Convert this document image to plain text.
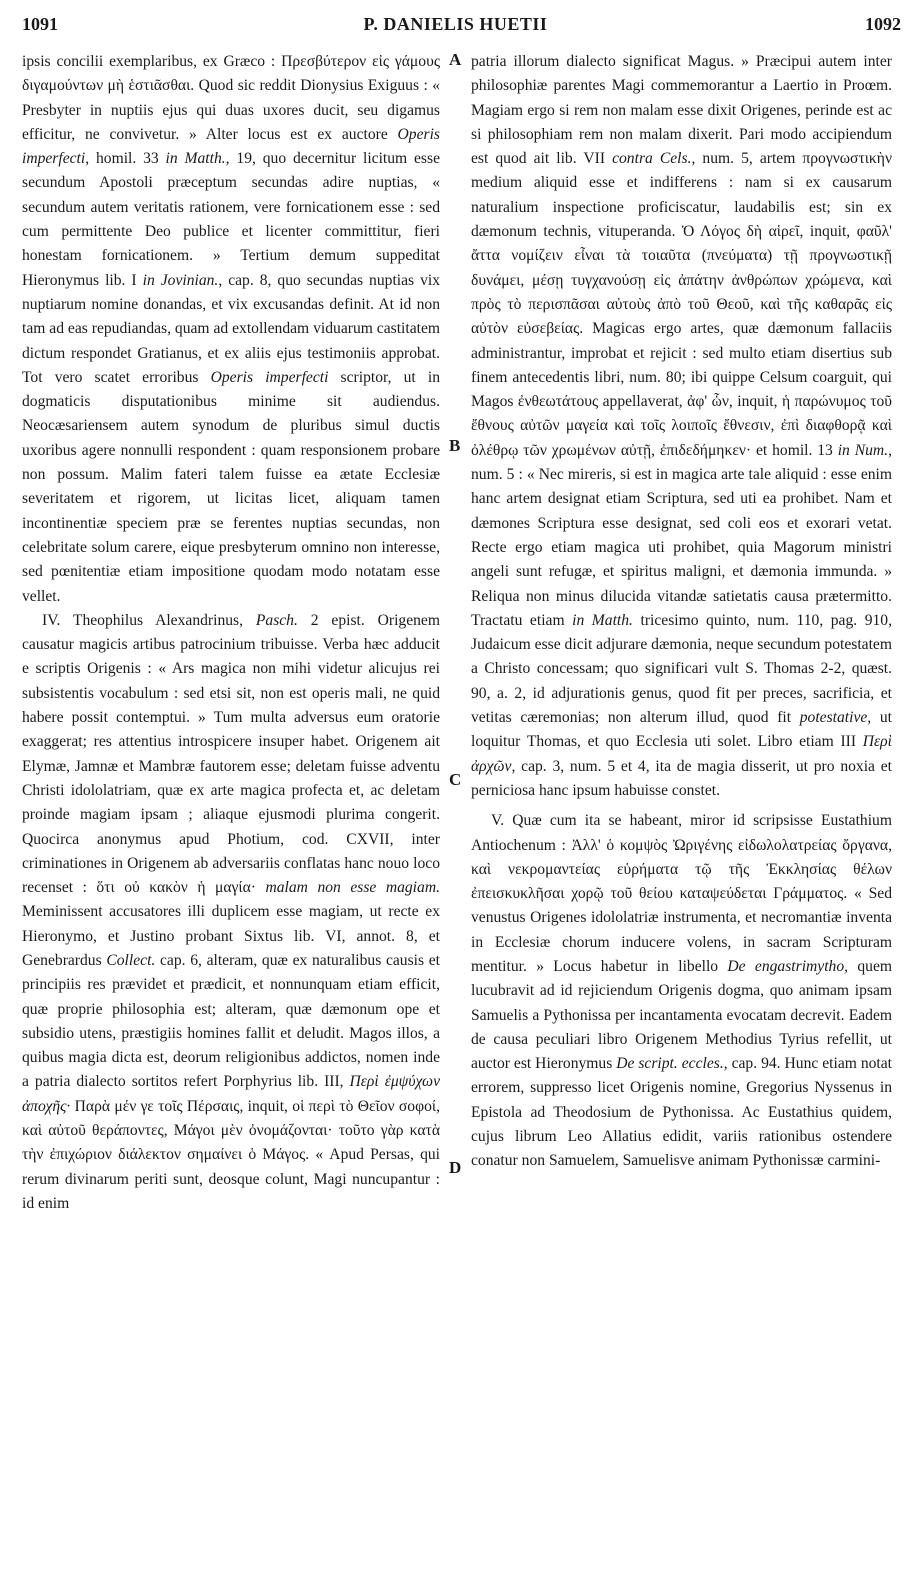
1091	P. DANIELIS HUETII	1092
A
B
C
D

ipsis concilii exemplaribus, ex Græco : Πρεσβύτερον εἰς γάμους διγαμούντων μὴ ἑστιᾶσθαι. Quod sic reddit Dionysius Exiguus : « Presbyter in nuptiis ejus qui duas uxores ducit, seu digamus efficitur, ne convivetur. » Alter locus est ex auctore Operis imperfecti, homil. 33 in Matth., 19, quo decernitur licitum esse secundum Apostoli præceptum secundas adire nuptias, « secundum autem veritatis rationem, vere fornicationem esse : sed cum permittente Deo publice et licenter committitur, fieri honestam fornicationem. » Tertium demum suppeditat Hieronymus lib. I in Jovinian., cap. 8, quo secundas nuptias vix nuptiarum nomine donandas, et vix excusandas definit. At id non tam ad eas repudiandas, quam ad extollendam viduarum castitatem dictum respondet Gratianus, et ex aliis ejus testimoniis approbat. Tot vero scatet erroribus Operis imperfecti scriptor, ut in dogmaticis disputationibus minime sit audiendus. Neocæsariensem autem synodum de pluribus simul ductis uxoribus agere nonnulli respondent : quam responsionem probare non possum. Malim fateri talem fuisse ea ætate Ecclesiæ severitatem et rigorem, ut licitas licet, aliquam tamen incontinentiæ speciem præ se ferentes nuptias secundas, non celebritate solum carere, eique presbyterum omnino non interesse, sed pœnitentiæ etiam impositione quodam modo notatam esse vellet.

IV. Theophilus Alexandrinus, Pasch. 2 epist. Origenem causatur magicis artibus patrocinium tribuisse. Verba hæc adducit e scriptis Origenis : « Ars magica non mihi videtur alicujus rei subsistentis vocabulum : sed etsi sit, non est operis mali, ne quid habere possit contemptui. » Tum multa adversus eum oratorie exaggerat; res attentius introspicere insuper habet. Origenem ait Elymæ, Jamnæ et Mambræ fautorem esse; deletam fuisse adventu Christi idololatriam, quæ ex arte magica profecta et, ac deletam proinde magiam ipsam ; aliaque ejusmodi plurima congerit. Quocirca anonymus apud Photium, cod. CXVII, inter criminationes in Origenem ab adversariis conflatas hanc nouo loco recenset : ὅτι οὐ κακὸν ἡ μαγία· malam non esse magiam. Meminissent accusatores illi duplicem esse magiam, ut recte ex Hieronymo, et Justino probant Sixtus lib. VI, annot. 8, et Genebrardus Collect. cap. 6, alteram, quæ ex naturalibus causis et principiis res prævidet et prædicit, et nonnunquam etiam efficit, quæ proprie philosophia est; alteram, quæ dæmonum ope et subsidio utens, præstigiis homines fallit et deludit. Magos illos, a quibus magia dicta est, deorum religionibus addictos, nomen inde a patria dialecto sortitos refert Porphyrius lib. III, Περὶ ἐμψύχων ἀποχῆς· Παρὰ μέν γε τοῖς Πέρσαις, inquit, οἱ περὶ τὸ Θεῖον σοφοί, καὶ αὐτοῦ θεράποντες, Μάγοι μὲν ὀνομάζονται· τοῦτο γὰρ κατὰ τὴν ἐπιχώριον διάλεκτον σημαίνει ὁ Μάγος. « Apud Persas, qui rerum divinarum periti sunt, deosque colunt, Magi nuncupantur : id enim

patria illorum dialecto significat Magus. » Præcipui autem inter philosophiæ parentes Magi commemorantur a Laertio in Proœm. Magiam ergo si rem non malam esse dixit Origenes, perinde est ac si philosophiam rem non malam dixerit. Pari modo accipiendum est quod ait lib. VII contra Cels., num. 5, artem προγνωστικὴν medium aliquid esse et indifferens : nam si ex causarum naturalium inspectione proficiscatur, laudabilis est; sin ex dæmonum technis, vituperanda. Ὁ Λόγος δὴ αἱρεῖ, inquit, φαῦλ' ἄττα νομίζειν εἶναι τὰ τοιαῦτα (πνεύματα) τῇ προγνωστικῇ δυνάμει, μέσῃ τυγχανούσῃ εἰς ἀπάτην ἀνθρώπων χρώμενα, καὶ πρὸς τὸ περισπᾶσαι αὐτοὺς ἀπὸ τοῦ Θεοῦ, καὶ τῆς καθαρᾶς εἰς αὐτὸν εὐσεβείας. Magicas ergo artes, quæ dæmonum fallaciis administrantur, improbat et rejicit : sed multo etiam disertius sub finem antecedentis libri, num. 80; ibi quippe Celsum coarguit, qui Magos ἐνθεωτάτους appellaverat, ἀφ' ὧν, inquit, ἡ παρώνυμος τοῦ ἔθνους αὐτῶν μαγεία καὶ τοῖς λοιποῖς ἔθνεσιν, ἐπὶ διαφθορᾷ καὶ ὀλέθρῳ τῶν χρωμένων αὐτῇ, ἐπιδεδήμηκεν· et homil. 13 in Num., num. 5 : « Nec mireris, si est in magica arte tale aliquid : esse enim hanc artem designat etiam Scriptura, sed uti ea prohibet. Nam et dæmones Scriptura esse designat, sed coli eos et exorari vetat. Recte ergo etiam magica uti prohibet, quia Magorum ministri angeli sunt refugæ, et spiritus maligni, et dæmonia immunda. » Reliqua non minus dilucida vitandæ satietatis causa prætermitto. Tractatu etiam in Matth. tricesimo quinto, num. 110, pag. 910, Judaicum esse dicit adjurare dæmonia, neque secundum potestatem a Christo concessam; quo significari vult S. Thomas 2-2, quæst. 90, a. 2, id adjurationis genus, quod fit per preces, sacrificia, et vetitas cæremonias; non alterum illud, quod fit potestative, ut loquitur Thomas, et quo Ecclesia uti solet. Libro etiam III Περὶ ἀρχῶν, cap. 3, num. 5 et 4, ita de magia disserit, ut pro noxia et perniciosa hanc ipsum habuisse constet.

V. Quæ cum ita se habeant, miror id scripsisse Eustathium Antiochenum : Ἀλλ' ὁ κομψὸς Ὠριγένης εἰδωλολατρείας ὄργανα, καὶ νεκρομαντείας εὑρήματα τῷ τῆς Ἐκκλησίας θέλων ἐπεισκυκλῆσαι χορῷ τοῦ θείου καταψεύδεται Γράμματος. « Sed venustus Origenes idololatriæ instrumenta, et necromantiæ inventa in Ecclesiæ chorum inducere volens, in sacram Scripturam mentitur. » Locus habetur in libello De engastrimytho, quem lucubravit ad id rejiciendum Origenis dogma, quo animam ipsam Samuelis a Pythonissa per incantamenta evocatam decrevit. Eadem de causa peculiari libro Origenem Methodius Tyrius refellit, ut auctor est Hieronymus De script. eccles., cap. 94. Hunc etiam notat errorem, suppresso licet Origenis nomine, Gregorius Nyssenus in Epistola ad Theodosium de Pythonissa. Ac Eustathius quidem, cujus librum Leo Allatius edidit, variis rationibus ostendere conatur non Samuelem, Samuelisve animam Pythonissæ carmini-
